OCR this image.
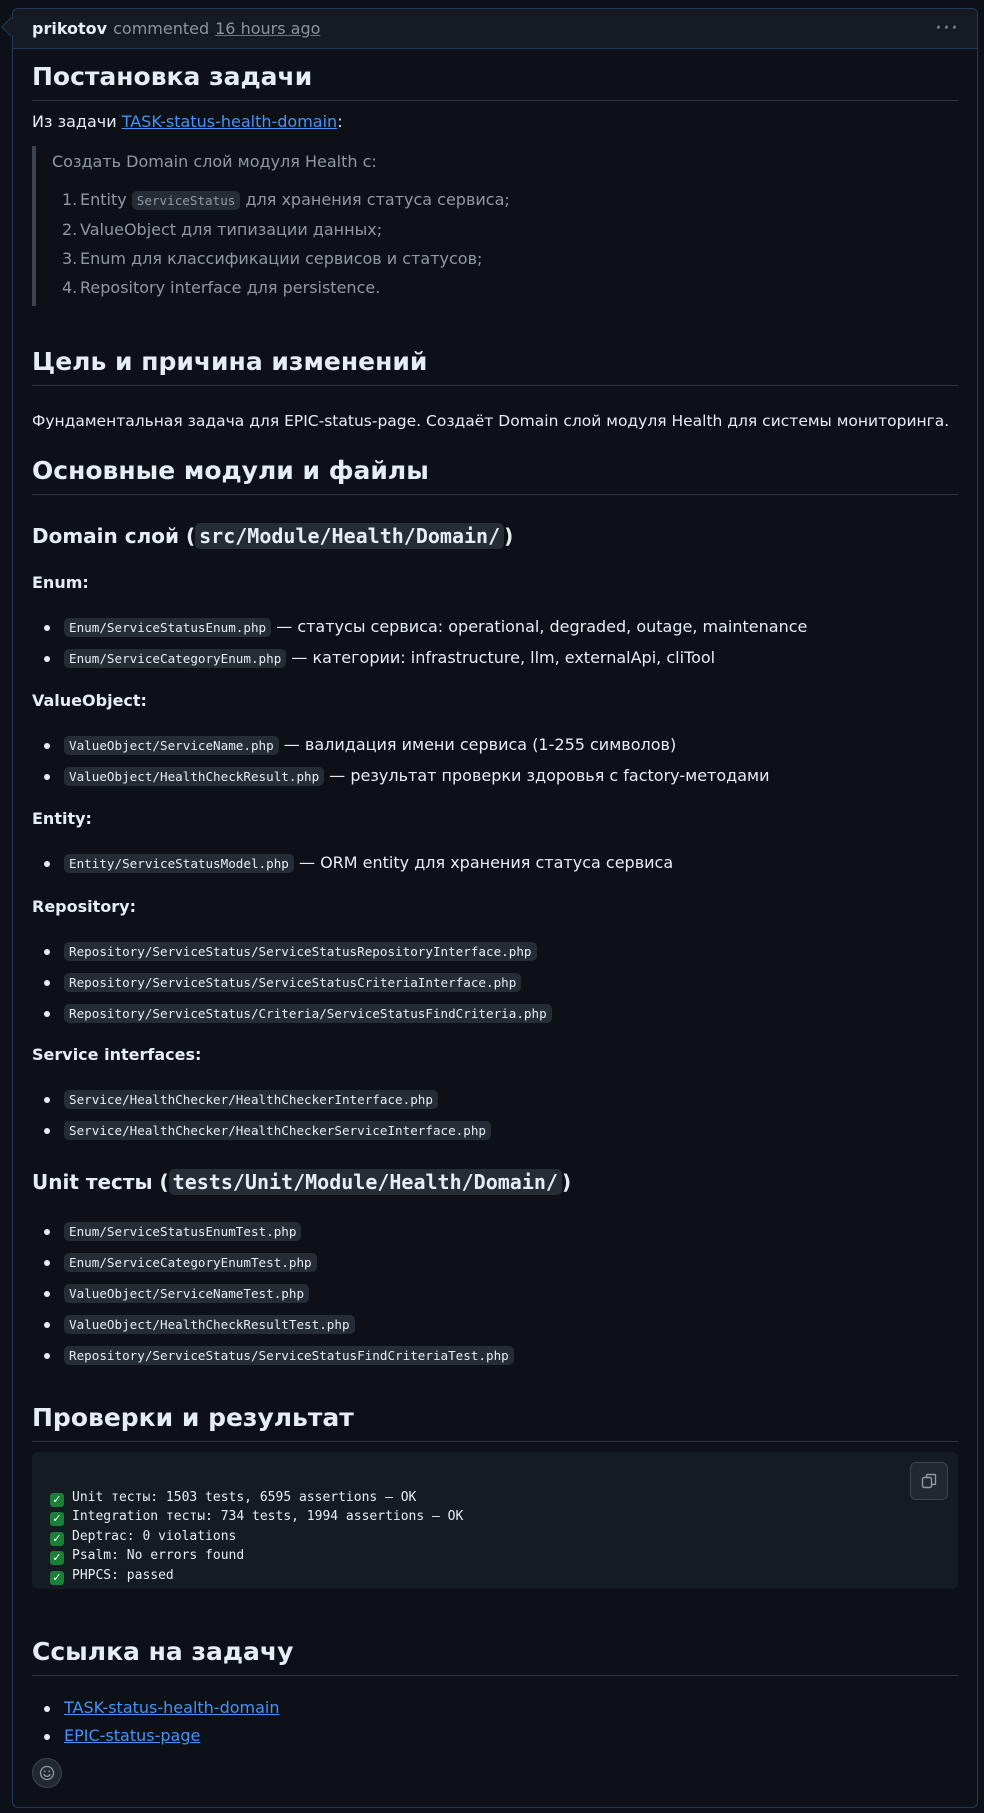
prikotov commented 16 hours ago	···
Постановка задачи

Из задачи TASK-status-health-domain:

Создать Domain слой модуля Health с:

1. Entity ServiceStatus для хранения статуса сервиса;
2. ValueObject для типизации данных;
3. Enum для классификации сервисов и статусов;
4. Repository interface для persistence.
Цель и причина изменений

Фундаментальная задача для EPIC-status-page. Создаёт Domain слой модуля Health для системы мониторинга.

Основные модули и файлы
Domain слой ( src/Module/Health/Domain/ )
Enum:
Enum/ServiceStatusEnum.php — статусы сервиса: operational, degraded, outage, maintenance
Enum/ServiceCategoryEnum.php — категории: infrastructure, llm, externalApi, cliTool
ValueObject:
ValueObject/ServiceName.php — валидация имени сервиса (1-255 символов)
ValueObject/HealthCheckResult.php — результат проверки здоровья с factory-методами
Entity:
Entity/ServiceStatusModel.php — ORM entity для хранения статуса сервиса
Repository:
Repository/ServiceStatus/ServiceStatusRepositoryInterface.php
Repository/ServiceStatus/ServiceStatusCriteriaInterface.php
Repository/ServiceStatus/Criteria/ServiceStatusFindCriteria.php
Service interfaces:
Service/HealthChecker/HealthCheckerInterface.php
Service/HealthChecker/HealthCheckerServiceInterface.php
Unit тесты ( tests/Unit/Module/Health/Domain/ )
Enum/ServiceStatusEnumTest.php
Enum/ServiceCategoryEnumTest.php
ValueObject/ServiceNameTest.php
ValueObject/HealthCheckResultTest.php
Repository/ServiceStatus/ServiceStatusFindCriteriaTest.php
Проверки и результат

✓ Unit тесты: 1503 tests, 6595 assertions — OK
✓ Integration тесты: 734 tests, 1994 assertions — OK
✓ Deptrac: 0 violations
✓ Psalm: No errors found
✓ PHPCS: passed

Ссылка на задачу
TASK-status-health-domain
EPIC-status-page
